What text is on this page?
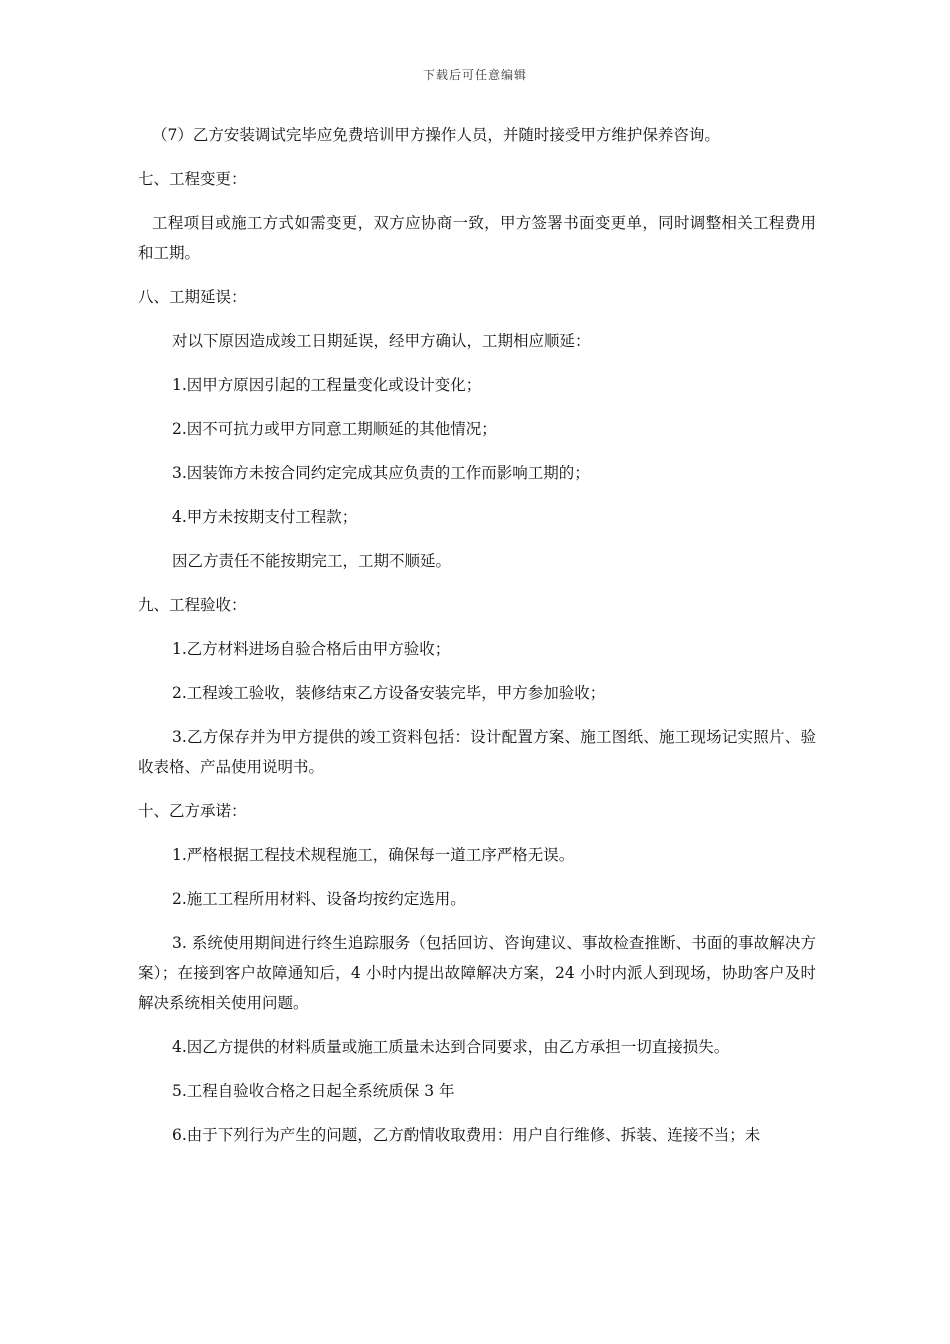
下载后可任意编辑

（7）乙方安装调试完毕应免费培训甲方操作人员，并随时接受甲方维护保养咨询。

七、工程变更：

工程项目或施工方式如需变更，双方应协商一致，甲方签署书面变更单，同时调整相关工程费用和工期。

八、工期延误：

对以下原因造成竣工日期延误，经甲方确认，工期相应顺延：

1.因甲方原因引起的工程量变化或设计变化；

2.因不可抗力或甲方同意工期顺延的其他情况；

3.因装饰方未按合同约定完成其应负责的工作而影响工期的；

4.甲方未按期支付工程款；

因乙方责任不能按期完工，工期不顺延。

九、工程验收：

1.乙方材料进场自验合格后由甲方验收；

2.工程竣工验收，装修结束乙方设备安装完毕，甲方参加验收；

3.乙方保存并为甲方提供的竣工资料包括：设计配置方案、施工图纸、施工现场记实照片、验收表格、产品使用说明书。

十、乙方承诺：

1.严格根据工程技术规程施工，确保每一道工序严格无误。

2.施工工程所用材料、设备均按约定选用。

3. 系统使用期间进行终生追踪服务（包括回访、咨询建议、事故检查推断、书面的事故解决方案）；在接到客户故障通知后，4 小时内提出故障解决方案，24 小时内派人到现场，协助客户及时解决系统相关使用问题。

4.因乙方提供的材料质量或施工质量未达到合同要求，由乙方承担一切直接损失。

5.工程自验收合格之日起全系统质保 3 年

6.由于下列行为产生的问题，乙方酌情收取费用：用户自行维修、拆装、连接不当；未
